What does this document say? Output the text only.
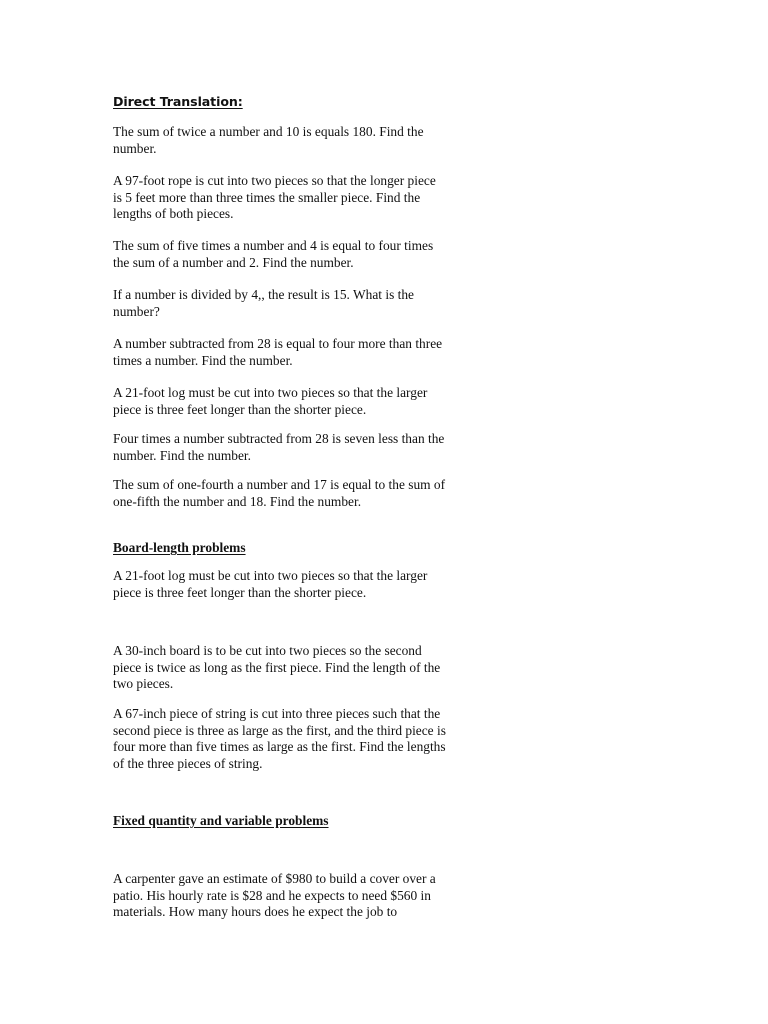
Direct Translation:

The sum of twice a number and 10 is equals 180. Find the number.

A 97-foot rope is cut into two pieces so that the longer piece is 5 feet more than three times the smaller piece. Find the lengths of both pieces.

The sum of five times a number and 4 is equal to four times the sum of a number and 2. Find the number.

If a number is divided by 4,, the result is 15. What is the number?

A number subtracted from 28 is equal to four more than three times a number. Find the number.

A 21-foot log must be cut into two pieces so that the larger piece is three feet longer than the shorter piece.

Four times a number subtracted from 28 is seven less than the number. Find the number.

The sum of one-fourth a number and 17 is equal to the sum of one-fifth the number and 18. Find the number.

Board-length problems

A 21-foot log must be cut into two pieces so that the larger piece is three feet longer than the shorter piece.

A 30-inch board is to be cut into two pieces so the second piece is twice as long as the first piece. Find the length of the two pieces.

A 67-inch piece of string is cut into three pieces such that the second piece is three as large as the first, and the third piece is four more than five times as large as the first. Find the lengths of the three pieces of string.

Fixed quantity and variable problems

A carpenter gave an estimate of $980 to build a cover over a patio. His hourly rate is $28 and he expects to need $560 in materials. How many hours does he expect the job to
